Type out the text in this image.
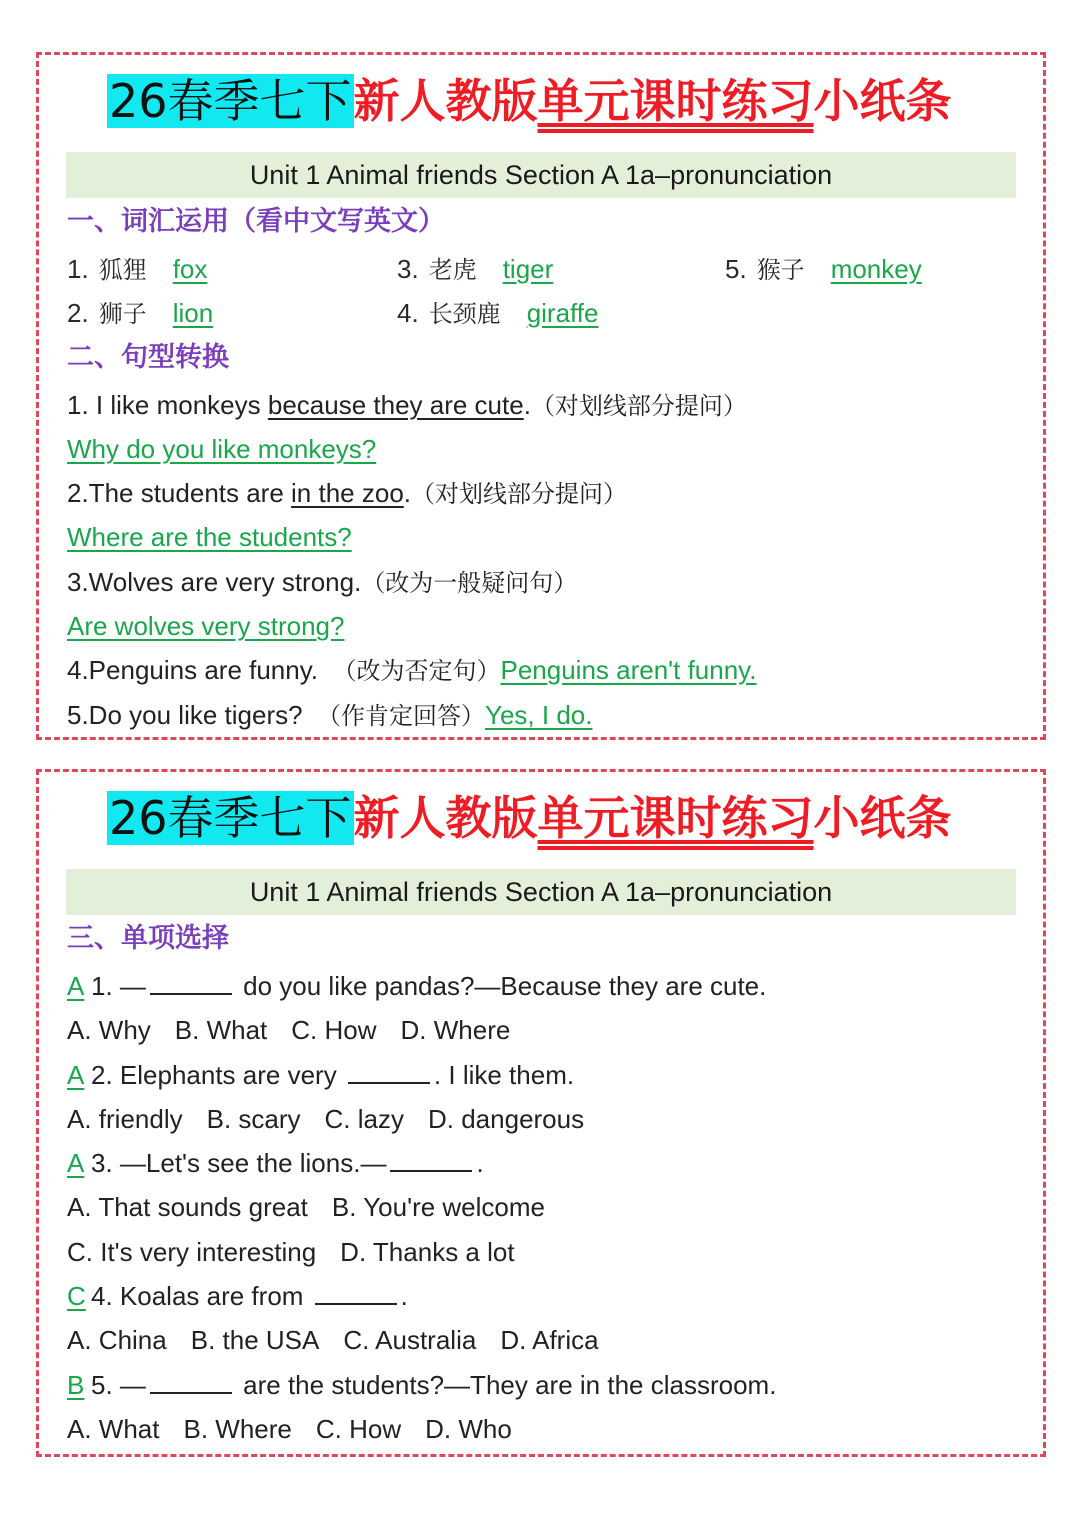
26春季七下新人教版单元课时练习小纸条
Unit 1 Animal friends Section A 1a–pronunciation
一、词汇运用（看中文写英文）
1. 狐狸 fox	3. 老虎 tiger	5. 猴子 monkey
2. 狮子 lion	4. 长颈鹿 giraffe
二、句型转换
1. I like monkeys because they are cute.（对划线部分提问）
Why do you like monkeys?
2.The students are in the zoo.（对划线部分提问）
Where are the students?
3.Wolves are very strong.（改为一般疑问句）
Are wolves very strong?
4.Penguins are funny. （改为否定句）Penguins aren't funny.
5.Do you like tigers? （作肯定回答）Yes, I do.
26春季七下新人教版单元课时练习小纸条
Unit 1 Animal friends Section A 1a–pronunciation
三、单项选择
A 1. —	do you like pandas?—Because they are cute.
A. Why B. What C. How D. Where
A 2. Elephants are very	. I like them.
A. friendly B. scary C. lazy D. dangerous
A 3. —Let's see the lions.—	.
A. That sounds great B. You're welcome
C. It's very interesting D. Thanks a lot
C 4. Koalas are from	.
A. China B. the USA C. Australia D. Africa
B 5. —	are the students?—They are in the classroom.
A. What B. Where C. How D. Who
